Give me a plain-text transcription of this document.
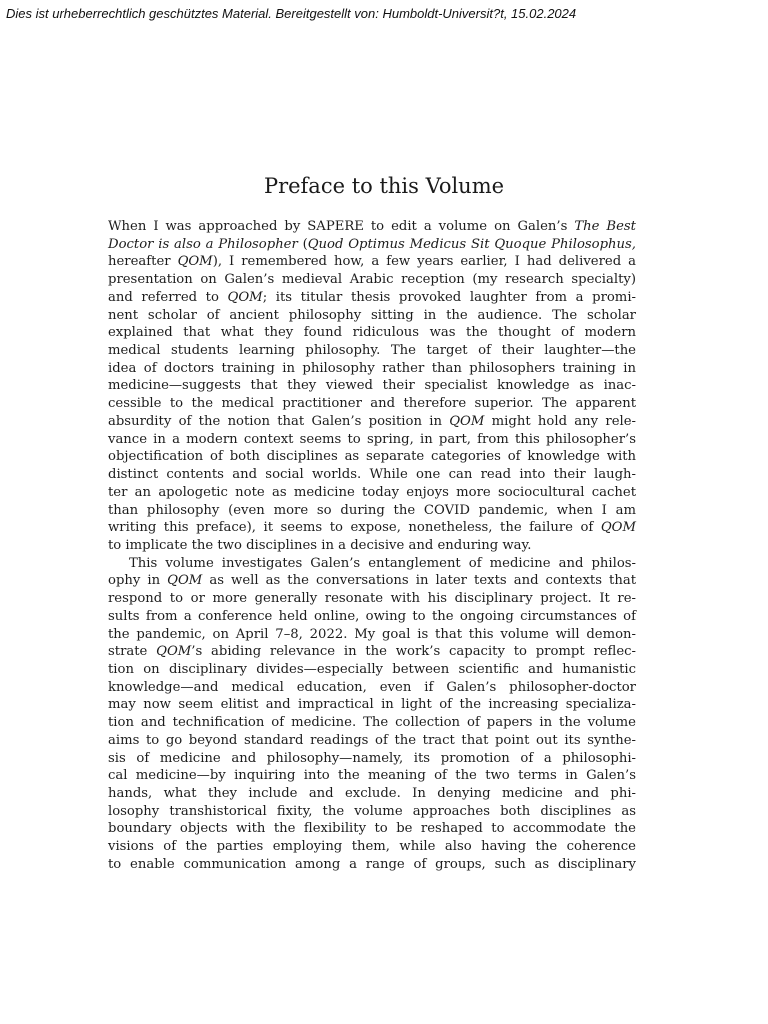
Dies ist urheberrechtlich geschütztes Material. Bereitgestellt von: Humboldt-Universit?t, 15.02.2024
Preface to this Volume
When I was approached by SAPERE to edit a volume on Galen’s The Best
Doctor is also a Philosopher (Quod Optimus Medicus Sit Quoque Philosophus,
hereafter QOM), I remembered how, a few years earlier, I had delivered a
presentation on Galen’s medieval Arabic reception (my research specialty)
and referred to QOM; its titular thesis provoked laughter from a promi-
nent scholar of ancient philosophy sitting in the audience. The scholar
explained that what they found ridiculous was the thought of modern
medical students learning philosophy. The target of their laughter—the
idea of doctors training in philosophy rather than philosophers training in
medicine—suggests that they viewed their specialist knowledge as inac-
cessible to the medical practitioner and therefore superior. The apparent
absurdity of the notion that Galen’s position in QOM might hold any rele-
vance in a modern context seems to spring, in part, from this philosopher’s
objectification of both disciplines as separate categories of knowledge with
distinct contents and social worlds. While one can read into their laugh-
ter an apologetic note as medicine today enjoys more sociocultural cachet
than philosophy (even more so during the COVID pandemic, when I am
writing this preface), it seems to expose, nonetheless, the failure of QOM
to implicate the two disciplines in a decisive and enduring way.
This volume investigates Galen’s entanglement of medicine and philos-
ophy in QOM as well as the conversations in later texts and contexts that
respond to or more generally resonate with his disciplinary project. It re-
sults from a conference held online, owing to the ongoing circumstances of
the pandemic, on April 7–8, 2022. My goal is that this volume will demon-
strate QOM’s abiding relevance in the work’s capacity to prompt reflec-
tion on disciplinary divides—especially between scientific and humanistic
knowledge—and medical education, even if Galen’s philosopher-doctor
may now seem elitist and impractical in light of the increasing specializa-
tion and technification of medicine. The collection of papers in the volume
aims to go beyond standard readings of the tract that point out its synthe-
sis of medicine and philosophy—namely, its promotion of a philosophi-
cal medicine—by inquiring into the meaning of the two terms in Galen’s
hands, what they include and exclude. In denying medicine and phi-
losophy transhistorical fixity, the volume approaches both disciplines as
boundary objects with the flexibility to be reshaped to accommodate the
visions of the parties employing them, while also having the coherence
to enable communication among a range of groups, such as disciplinary
